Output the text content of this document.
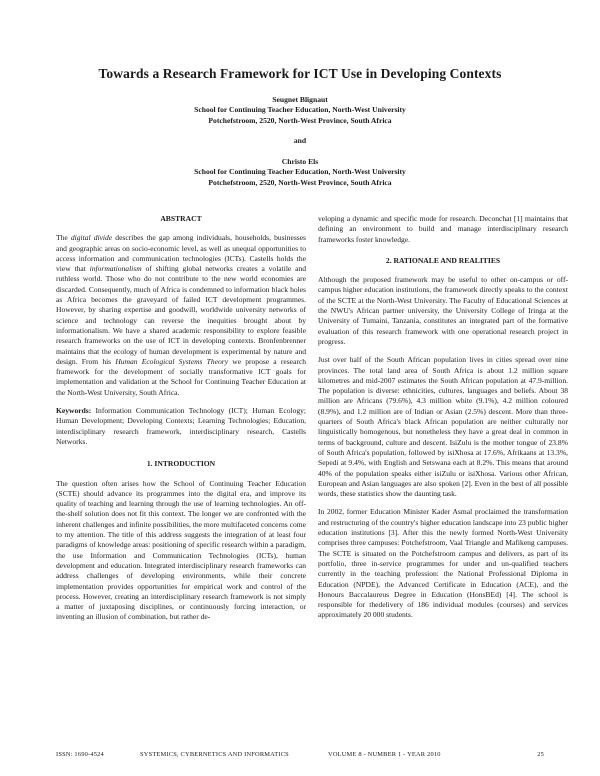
Towards a Research Framework for ICT Use in Developing Contexts
Seugnet Blignaut
School for Continuing Teacher Education, North-West University
Potchefstroom, 2520, North-West Province, South Africa
and
Christo Els
School for Continuing Teacher Education, North-West University
Potchefstroom, 2520, North-West Province, South Africa
ABSTRACT

The digital divide describes the gap among individuals, households, businesses and geographic areas on socio-economic level, as well as unequal opportunities to access information and communication technologies (ICTs). Castells holds the view that informationalism of shifting global networks creates a volatile and ruthless world. Those who do not contribute to the new world economies are discarded. Consequently, much of Africa is condemned to information black holes as Africa becomes the graveyard of failed ICT development programmes. However, by sharing expertise and goodwill, worldwide university networks of science and technology can reverse the inequities brought about by informationalism. We have a shared academic responsibility to explore feasible research frameworks on the use of ICT in developing contexts. Bronfenbrenner maintains that the ecology of human development is experimental by nature and design. From his Human Ecological Systems Theory we propose a research framework for the development of socially transformative ICT goals for implementation and validation at the School for Continuing Teacher Education at the North-West University, South Africa.

Keywords: Information Communication Technology (ICT); Human Ecology; Human Development; Developing Contexts; Learning Technologies; Education, interdisciplinary research framework, interdisciplinary research, Castells Networks.

1. INTRODUCTION

The question often arises how the School of Continuing Teacher Education (SCTE) should advance its programmes into the digital era, and improve its quality of teaching and learning through the use of learning technologies. An off-the-shelf solution does not fit this context. The longer we are confronted with the inherent challenges and infinite possibilities, the more multifaceted concerns come to my attention. The title of this address suggests the integration of at least four paradigms of knowledge areas: positioning of specific research within a paradigm, the use Information and Communication Technologies (ICTs), human development and education. Integrated interdisciplinary research frameworks can address challenges of developing environments, while their concrete implementation provides opportunities for empirical work and control of the process. However, creating an interdisciplinary research framework is not simply a matter of juxtaposing disciplines, or continuously forcing interaction, or inventing an illusion of combination, but rather de-

veloping a dynamic and specific mode for research. Deconchat [1] maintains that defining an environment to build and manage interdisciplinary research frameworks foster knowledge.

2. RATIONALE AND REALITIES

Although the proposed framework may be useful to other on-campus or off-campus higher education institutions, the framework directly speaks to the context of the SCTE at the North-West University. The Faculty of Educational Sciences at the NWU's African partner university, the University College of Iringa at the University of Tumaini, Tanzania, constitutes an integrated part of the formative evaluation of this research framework with one operational research project in progress.

Just over half of the South African population lives in cities spread over nine provinces. The total land area of South Africa is about 1.2 million square kilometres and mid-2007 estimates the South African population at 47.9-million. The population is diverse: ethnicities, cultures, languages and beliefs. About 38 million are Africans (79.6%), 4.3 million white (9.1%), 4.2 million coloured (8.9%), and 1.2 million are of Indian or Asian (2.5%) descent. More than three-quarters of South Africa's black African population are neither culturally nor linguistically homogenous, but nonetheless they have a great deal in common in terms of background, culture and descent. IsiZulu is the mother tongue of 23.8% of South Africa's population, followed by isiXhosa at 17.6%, Afrikaans at 13.3%, Sepedi at 9.4%, with English and Setswana each at 8.2%. This means that around 40% of the population speaks either isiZulu or isiXhosa. Various other African, European and Asian languages are also spoken [2]. Even in the best of all possible words, these statistics show the daunting task.

In 2002, former Education Minister Kader Asmal proclaimed the transformation and restructuring of the country's higher education landscape into 23 public higher education institutions [3]. After this the newly formed North-West University comprises three campuses: Potchefstroom, Vaal Triangle and Mafikeng campuses. The SCTE is situated on the Potchefstroom campus and delivers, as part of its portfolio, three in-service programmes for under and un-qualified teachers currently in the teaching profession: the National Professional Diploma in Education (NPDE), the Advanced Certificate in Education (ACE), and the Honours Baccalaureus Degree in Education (HonsBEd) [4]. The school is responsible for thedelivery of 186 individual modules (courses) and services approximately 20 000 students.

ISSN: 1690-4524	SYSTEMICS, CYBERNETICS AND INFORMATICS	VOLUME 8 - NUMBER 1 - YEAR 2010	25
